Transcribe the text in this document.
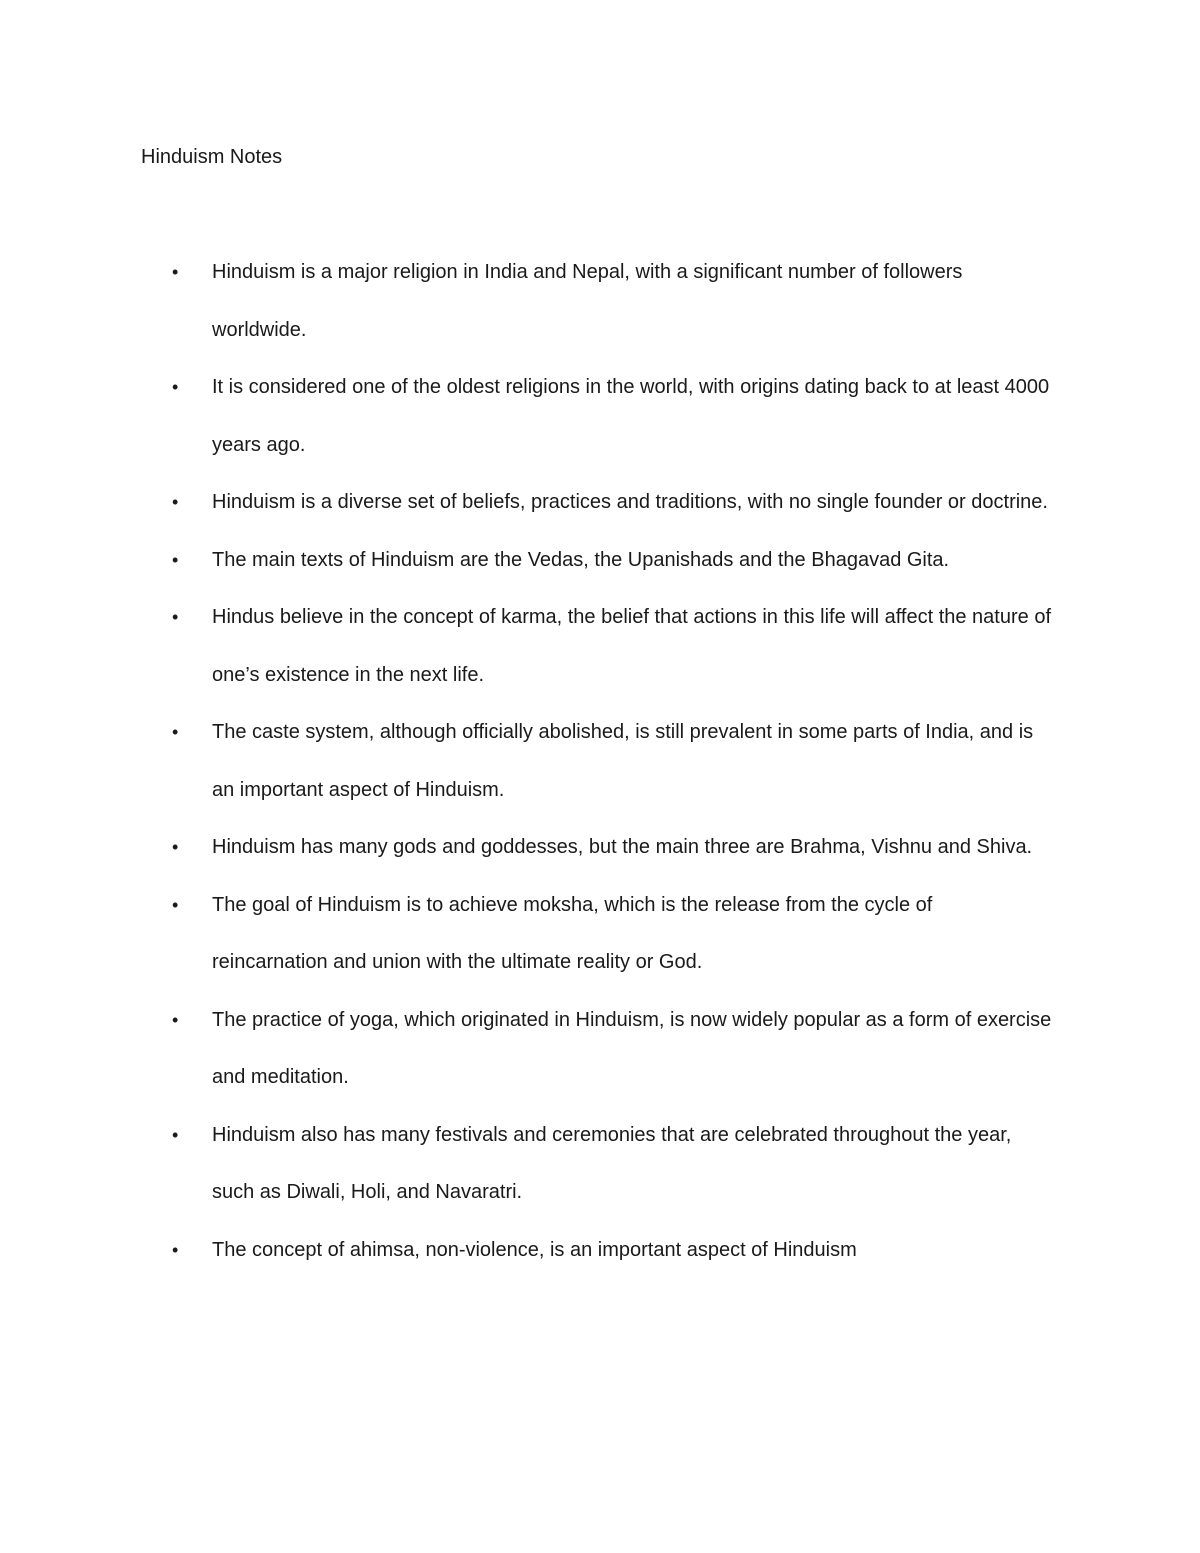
Hinduism Notes
•	Hinduism is a major religion in India and Nepal, with a significant number of followers worldwide.
•	It is considered one of the oldest religions in the world, with origins dating back to at least 4000 years ago.
•	Hinduism is a diverse set of beliefs, practices and traditions, with no single founder or doctrine.
•	The main texts of Hinduism are the Vedas, the Upanishads and the Bhagavad Gita.
•	Hindus believe in the concept of karma, the belief that actions in this life will affect the nature of one’s existence in the next life.
•	The caste system, although officially abolished, is still prevalent in some parts of India, and is an important aspect of Hinduism.
•	Hinduism has many gods and goddesses, but the main three are Brahma, Vishnu and Shiva.
•	The goal of Hinduism is to achieve moksha, which is the release from the cycle of reincarnation and union with the ultimate reality or God.
•	The practice of yoga, which originated in Hinduism, is now widely popular as a form of exercise and meditation.
•	Hinduism also has many festivals and ceremonies that are celebrated throughout the year, such as Diwali, Holi, and Navaratri.
•	The concept of ahimsa, non-violence, is an important aspect of Hinduism
